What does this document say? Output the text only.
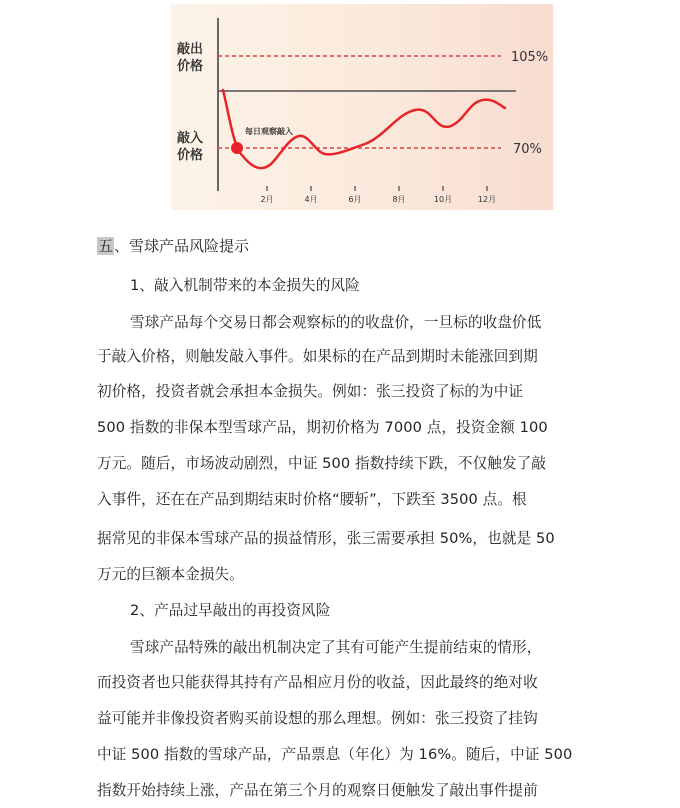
敲出
价格
敲入
价格
105%
70%
每日观察敲入
2月	4月	6月	8月	10月	12月
五、雪球产品风险提示
1、敲入机制带来的本金损失的风险
雪球产品每个交易日都会观察标的的收盘价，一旦标的收盘价低
于敲入价格，则触发敲入事件。如果标的在产品到期时未能涨回到期
初价格，投资者就会承担本金损失。例如：张三投资了标的为中证
500 指数的非保本型雪球产品，期初价格为 7000 点，投资金额 100
万元。随后，市场波动剧烈，中证 500 指数持续下跌，不仅触发了敲
入事件，还在在产品到期结束时价格“腰斩”，下跌至 3500 点。根
据常见的非保本雪球产品的损益情形，张三需要承担 50%，也就是 50
万元的巨额本金损失。
2、产品过早敲出的再投资风险
雪球产品特殊的敲出机制决定了其有可能产生提前结束的情形，
而投资者也只能获得其持有产品相应月份的收益，因此最终的绝对收
益可能并非像投资者购买前设想的那么理想。例如：张三投资了挂钩
中证 500 指数的雪球产品，产品票息（年化）为 16%。随后，中证 500
指数开始持续上涨，产品在第三个月的观察日便触发了敲出事件提前
